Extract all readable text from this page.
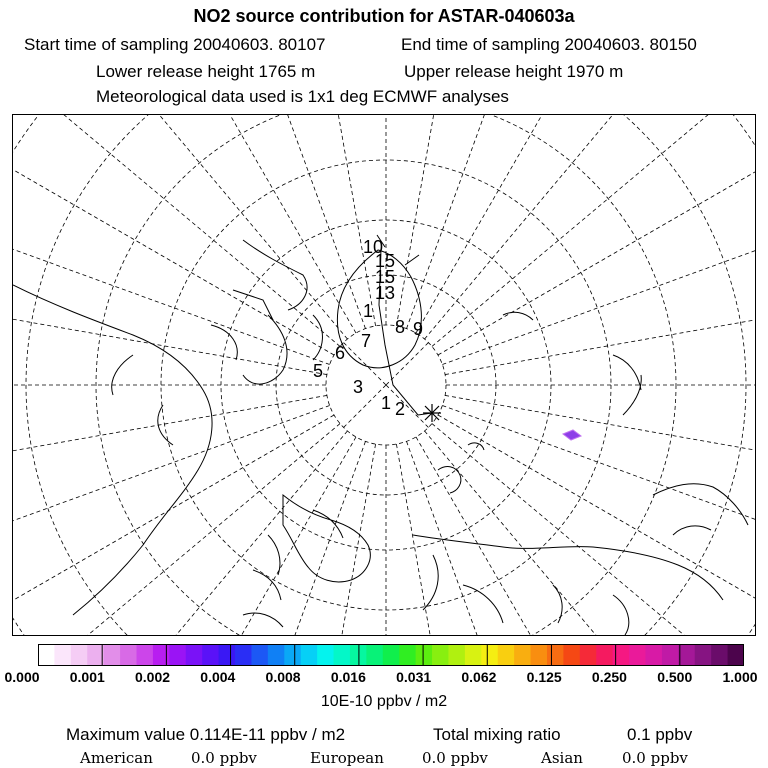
NO2 source contribution for ASTAR-040603a
Start time of sampling 20040603. 80107	End time of sampling 20040603. 80150
Lower release height 1765 m	Upper release height 1970 m
Meteorological data used is 1x1 deg ECMWF analyses
10
15
15
13
1
8 9
7
6
5
3
2
1
0.000 0.001 0.002 0.004 0.008 0.016 0.031 0.062 0.125 0.250 0.500 1.000
10E-10 ppbv / m2
Maximum value 0.114E-11 ppbv / m2	Total mixing ratio	0.1 ppbv
American	0.0 ppbv	European	0.0 ppbv	Asian	0.0 ppbv
